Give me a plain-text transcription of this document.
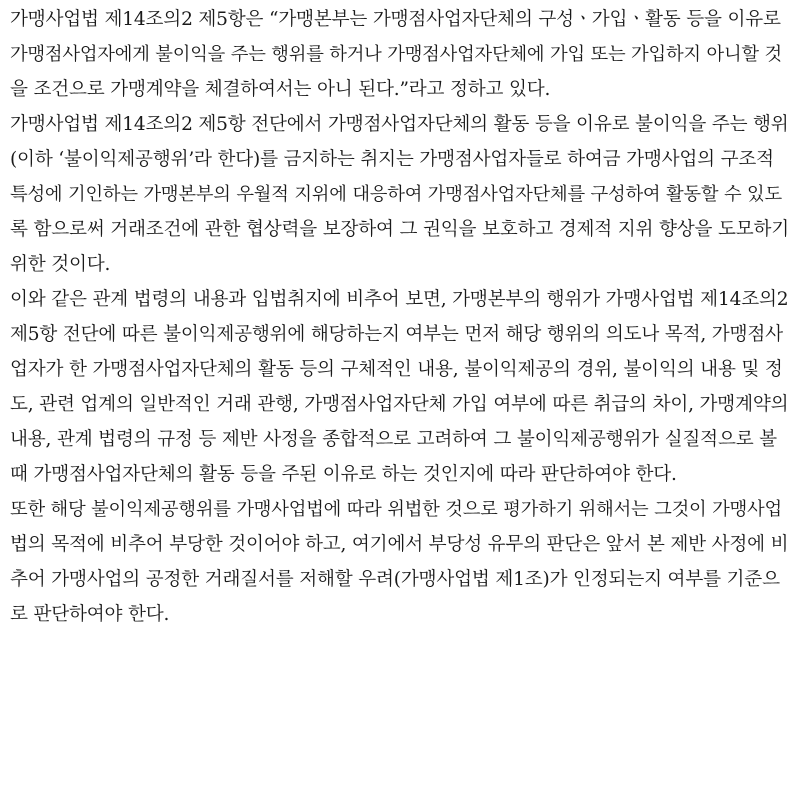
가맹사업법 제14조의2 제5항은 “가맹본부는 가맹점사업자단체의 구성ㆍ가입ㆍ활동 등을 이유로
가맹점사업자에게 불이익을 주는 행위를 하거나 가맹점사업자단체에 가입 또는 가입하지 아니할 것
을 조건으로 가맹계약을 체결하여서는 아니 된다.”라고 정하고 있다.
가맹사업법 제14조의2 제5항 전단에서 가맹점사업자단체의 활동 등을 이유로 불이익을 주는 행위
(이하 ‘불이익제공행위’라 한다)를 금지하는 취지는 가맹점사업자들로 하여금 가맹사업의 구조적
특성에 기인하는 가맹본부의 우월적 지위에 대응하여 가맹점사업자단체를 구성하여 활동할 수 있도
록 함으로써 거래조건에 관한 협상력을 보장하여 그 권익을 보호하고 경제적 지위 향상을 도모하기
위한 것이다.
이와 같은 관계 법령의 내용과 입법취지에 비추어 보면, 가맹본부의 행위가 가맹사업법 제14조의2
제5항 전단에 따른 불이익제공행위에 해당하는지 여부는 먼저 해당 행위의 의도나 목적, 가맹점사
업자가 한 가맹점사업자단체의 활동 등의 구체적인 내용, 불이익제공의 경위, 불이익의 내용 및 정
도, 관련 업계의 일반적인 거래 관행, 가맹점사업자단체 가입 여부에 따른 취급의 차이, 가맹계약의
내용, 관계 법령의 규정 등 제반 사정을 종합적으로 고려하여 그 불이익제공행위가 실질적으로 볼
때 가맹점사업자단체의 활동 등을 주된 이유로 하는 것인지에 따라 판단하여야 한다.
또한 해당 불이익제공행위를 가맹사업법에 따라 위법한 것으로 평가하기 위해서는 그것이 가맹사업
법의 목적에 비추어 부당한 것이어야 하고, 여기에서 부당성 유무의 판단은 앞서 본 제반 사정에 비
추어 가맹사업의 공정한 거래질서를 저해할 우려(가맹사업법 제1조)가 인정되는지 여부를 기준으
로 판단하여야 한다.
